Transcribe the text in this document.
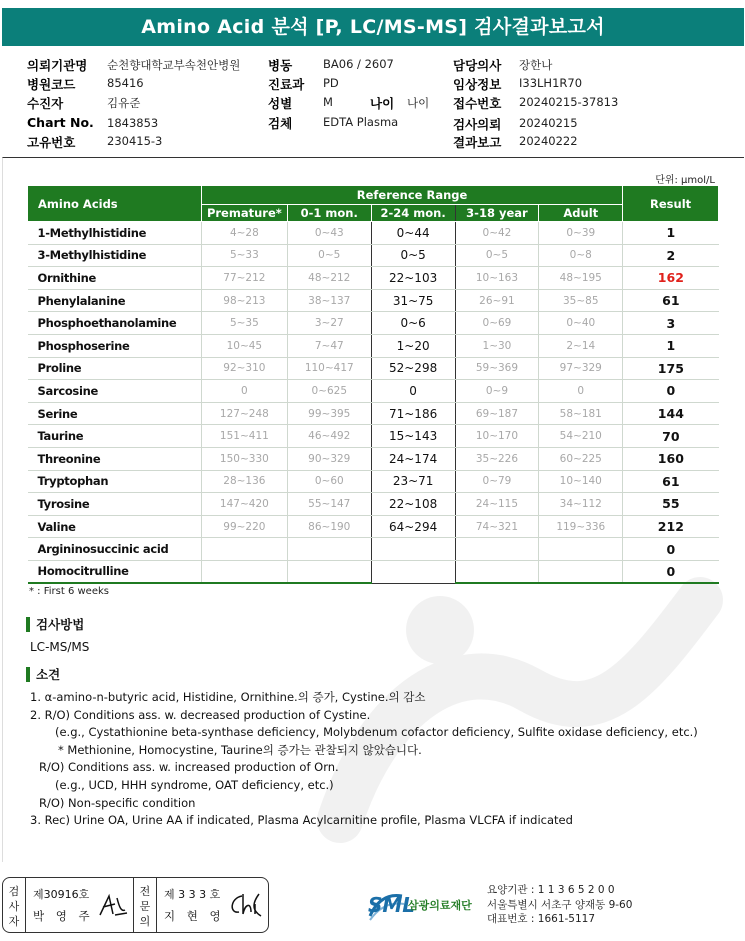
Amino Acid 분석 [P, LC/MS-MS] 검사결과보고서
의뢰기관명 순천향대학교부속천안병원
병원코드	85416
수진자	김유준
Chart No. 1843853
고유번호	230415-3
병동	BA06 / 2607
진료과 PD
성별	M	나이 나이
검체	EDTA Plasma
담당의사 장한나
임상정보 I33LH1R70
접수번호 20240215-37813
검사의뢰 20240215
결과보고 20240222
단위: μmol/L
Amino Acids	Reference Range					Result
	Premature*	0-1 mon.	2-24 mon.	3-18 year	Adult	
1-Methylhistidine	4~28	0~43	0~44	0~42	0~39	1
3-Methylhistidine	5~33	0~5	0~5	0~5	0~8	2
Ornithine	77~212	48~212	22~103	10~163	48~195	162
Phenylalanine	98~213	38~137	31~75	26~91	35~85	61
Phosphoethanolamine	5~35	3~27	0~6	0~69	0~40	3
Phosphoserine	10~45	7~47	1~20	1~30	2~14	1
Proline	92~310	110~417	52~298	59~369	97~329	175
Sarcosine	0	0~625	0	0~9	0	0
Serine	127~248	99~395	71~186	69~187	58~181	144
Taurine	151~411	46~492	15~143	10~170	54~210	70
Threonine	150~330	90~329	24~174	35~226	60~225	160
Tryptophan	28~136	0~60	23~71	0~79	10~140	61
Tyrosine	147~420	55~147	22~108	24~115	34~112	55
Valine	99~220	86~190	64~294	74~321	119~336	212
Argininosuccinic acid						0
Homocitrulline						0
* : First 6 weeks
검사방법
LC-MS/MS
소견
1. α-amino-n-butyric acid, Histidine, Ornithine.의 증가, Cystine.의 감소
2. R/O) Conditions ass. w. decreased production of Cystine.
(e.g., Cystathionine beta-synthase deficiency, Molybdenum cofactor deficiency, Sulfite oxidase deficiency, etc.)
* Methionine, Homocystine, Taurine의 증가는 관찰되지 않았습니다.
R/O) Conditions ass. w. increased production of Orn.
(e.g., UCD, HHH syndrome, OAT deficiency, etc.)
R/O) Non-specific condition
3. Rec) Urine OA, Urine AA if indicated, Plasma Acylcarnitine profile, Plasma VLCFA if indicated
검
사
자
제30916호
박 영 주
전
문
의
제 3 3 3 호
지 현 영	SML
삼광의료재단
요양기관 : 1 1 3 6 5 2 0 0
서울특별시 서초구 양재동 9-60
대표번호 : 1661-5117
